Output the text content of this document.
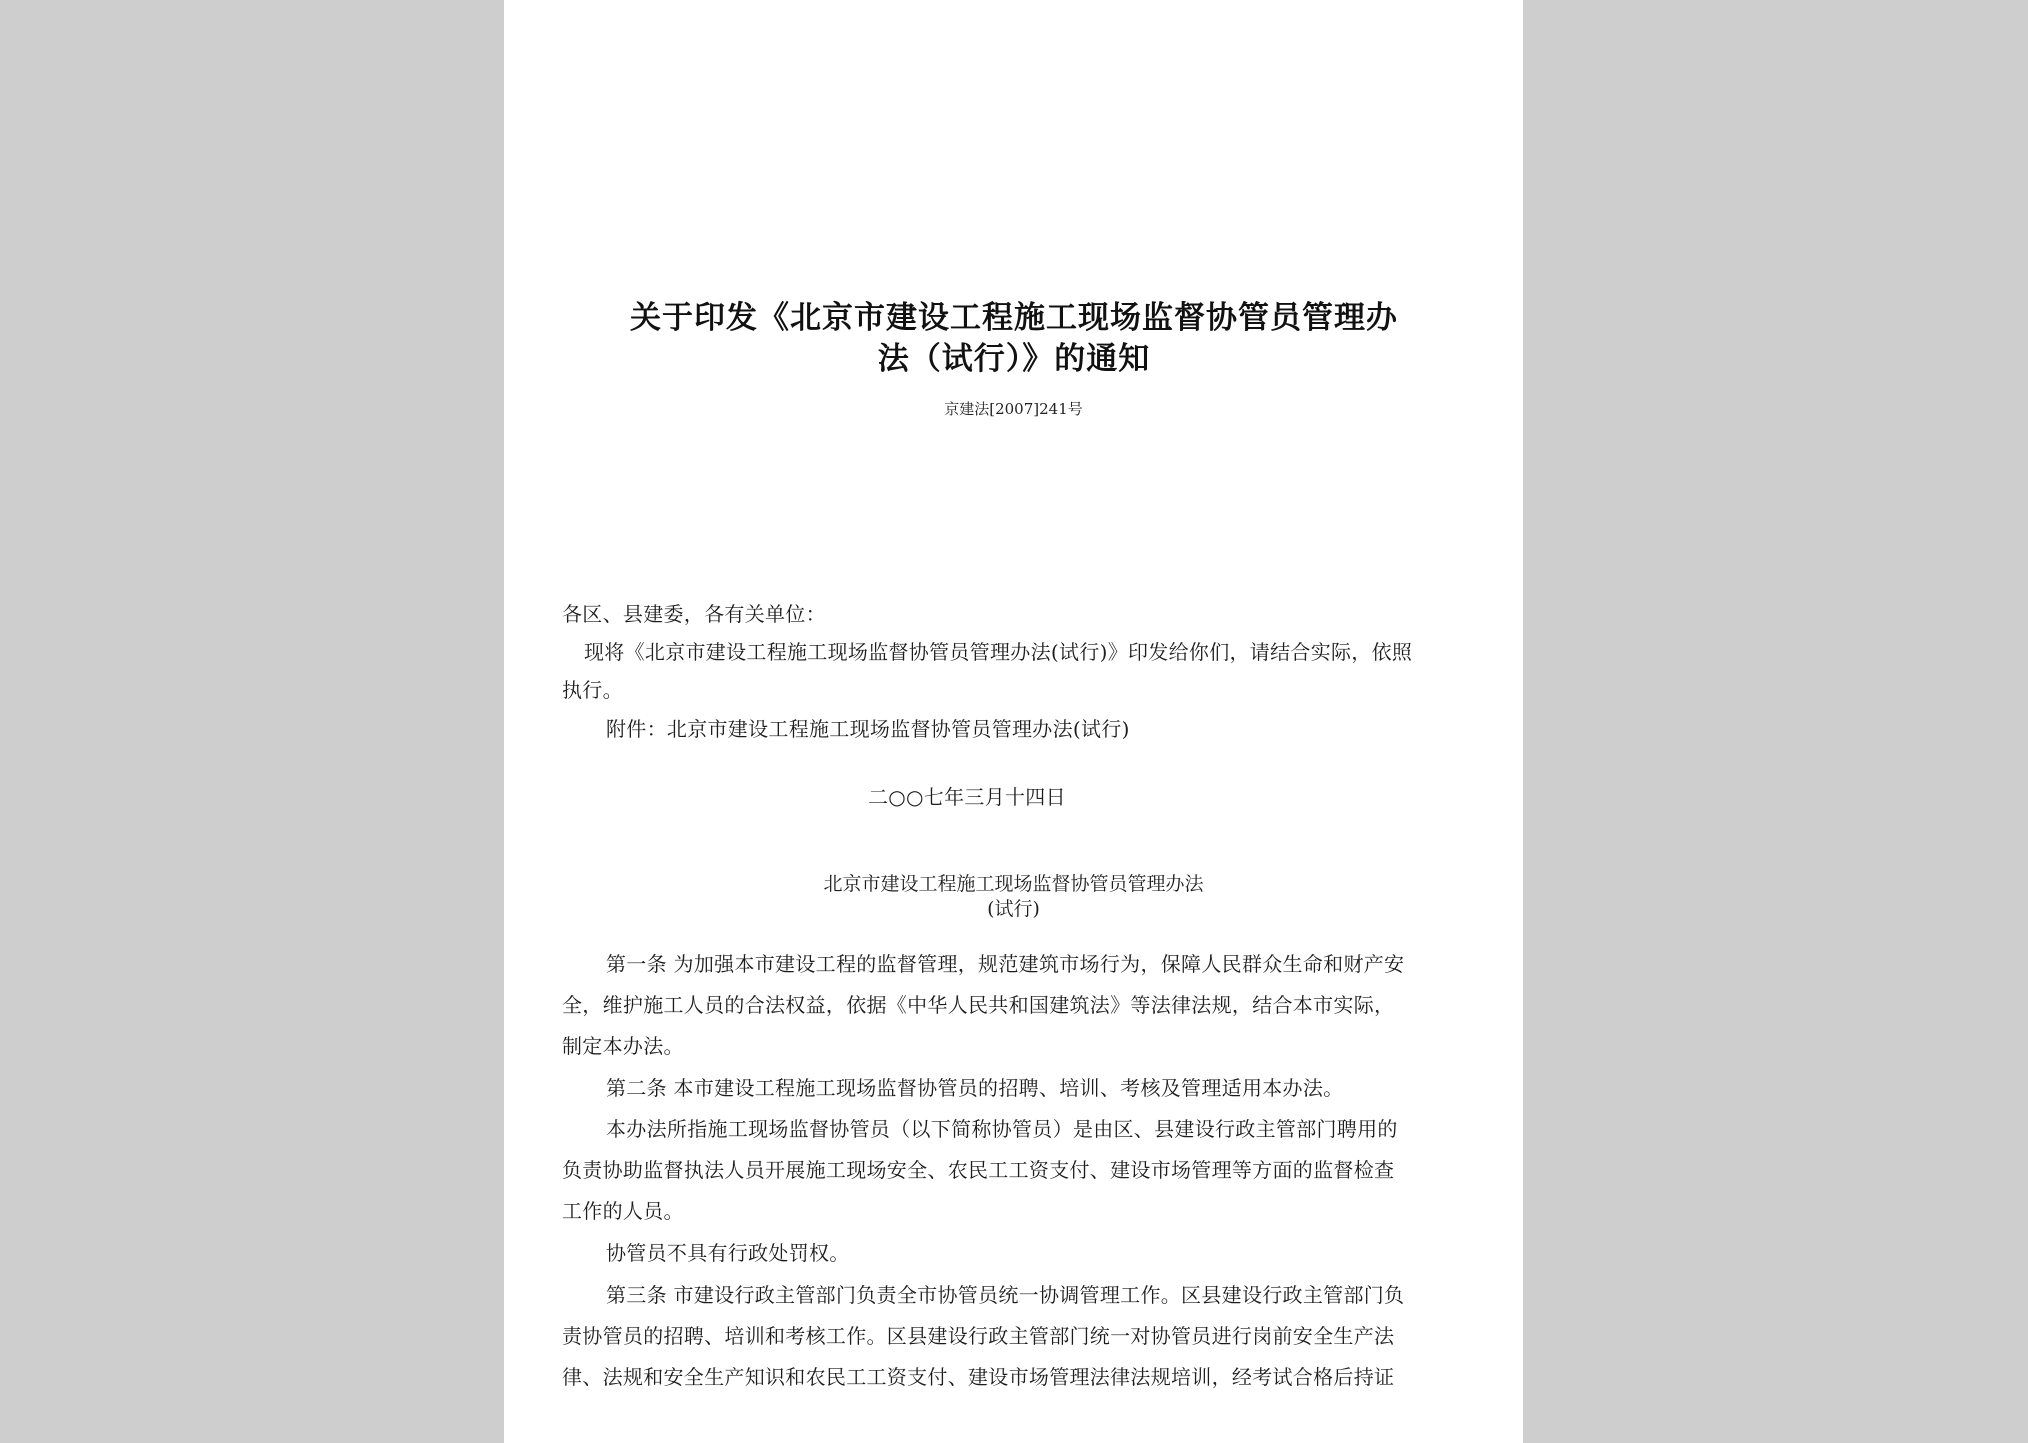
关于印发《北京市建设工程施工现场监督协管员管理办
法（试行）》的通知
京建法[2007]241号
各区、县建委，各有关单位：
现将《北京市建设工程施工现场监督协管员管理办法(试行)》印发给你们，请结合实际，依照
执行。
附件：北京市建设工程施工现场监督协管员管理办法(试行)
二○○七年三月十四日
北京市建设工程施工现场监督协管员管理办法
(试行)
第一条 为加强本市建设工程的监督管理，规范建筑市场行为，保障人民群众生命和财产安
全，维护施工人员的合法权益，依据《中华人民共和国建筑法》等法律法规，结合本市实际，
制定本办法。
第二条 本市建设工程施工现场监督协管员的招聘、培训、考核及管理适用本办法。
本办法所指施工现场监督协管员（以下简称协管员）是由区、县建设行政主管部门聘用的
负责协助监督执法人员开展施工现场安全、农民工工资支付、建设市场管理等方面的监督检查
工作的人员。
协管员不具有行政处罚权。
第三条 市建设行政主管部门负责全市协管员统一协调管理工作。区县建设行政主管部门负
责协管员的招聘、培训和考核工作。区县建设行政主管部门统一对协管员进行岗前安全生产法
律、法规和安全生产知识和农民工工资支付、建设市场管理法律法规培训，经考试合格后持证
